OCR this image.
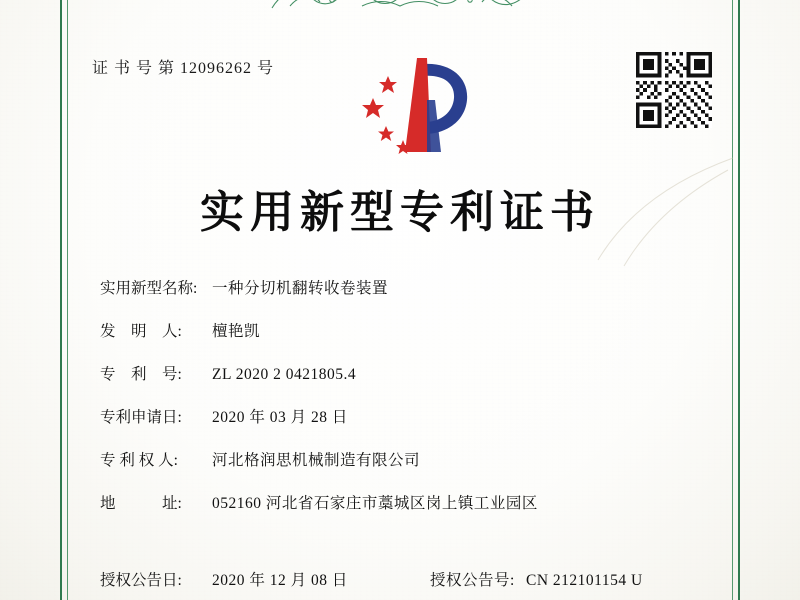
证 书 号 第 12096262 号
实用新型专利证书
实用新型名称: 一种分切机翻转收卷装置
发　明　人:	檀艳凯
专　利　号:	ZL 2020 2 0421805.4
专利申请日:	2020 年 03 月 28 日
专 利 权 人:	河北格润思机械制造有限公司
地　　　址:	052160 河北省石家庄市藁城区岗上镇工业园区
授权公告日:	2020 年 12 月 08 日	授权公告号: CN 212101154 U
